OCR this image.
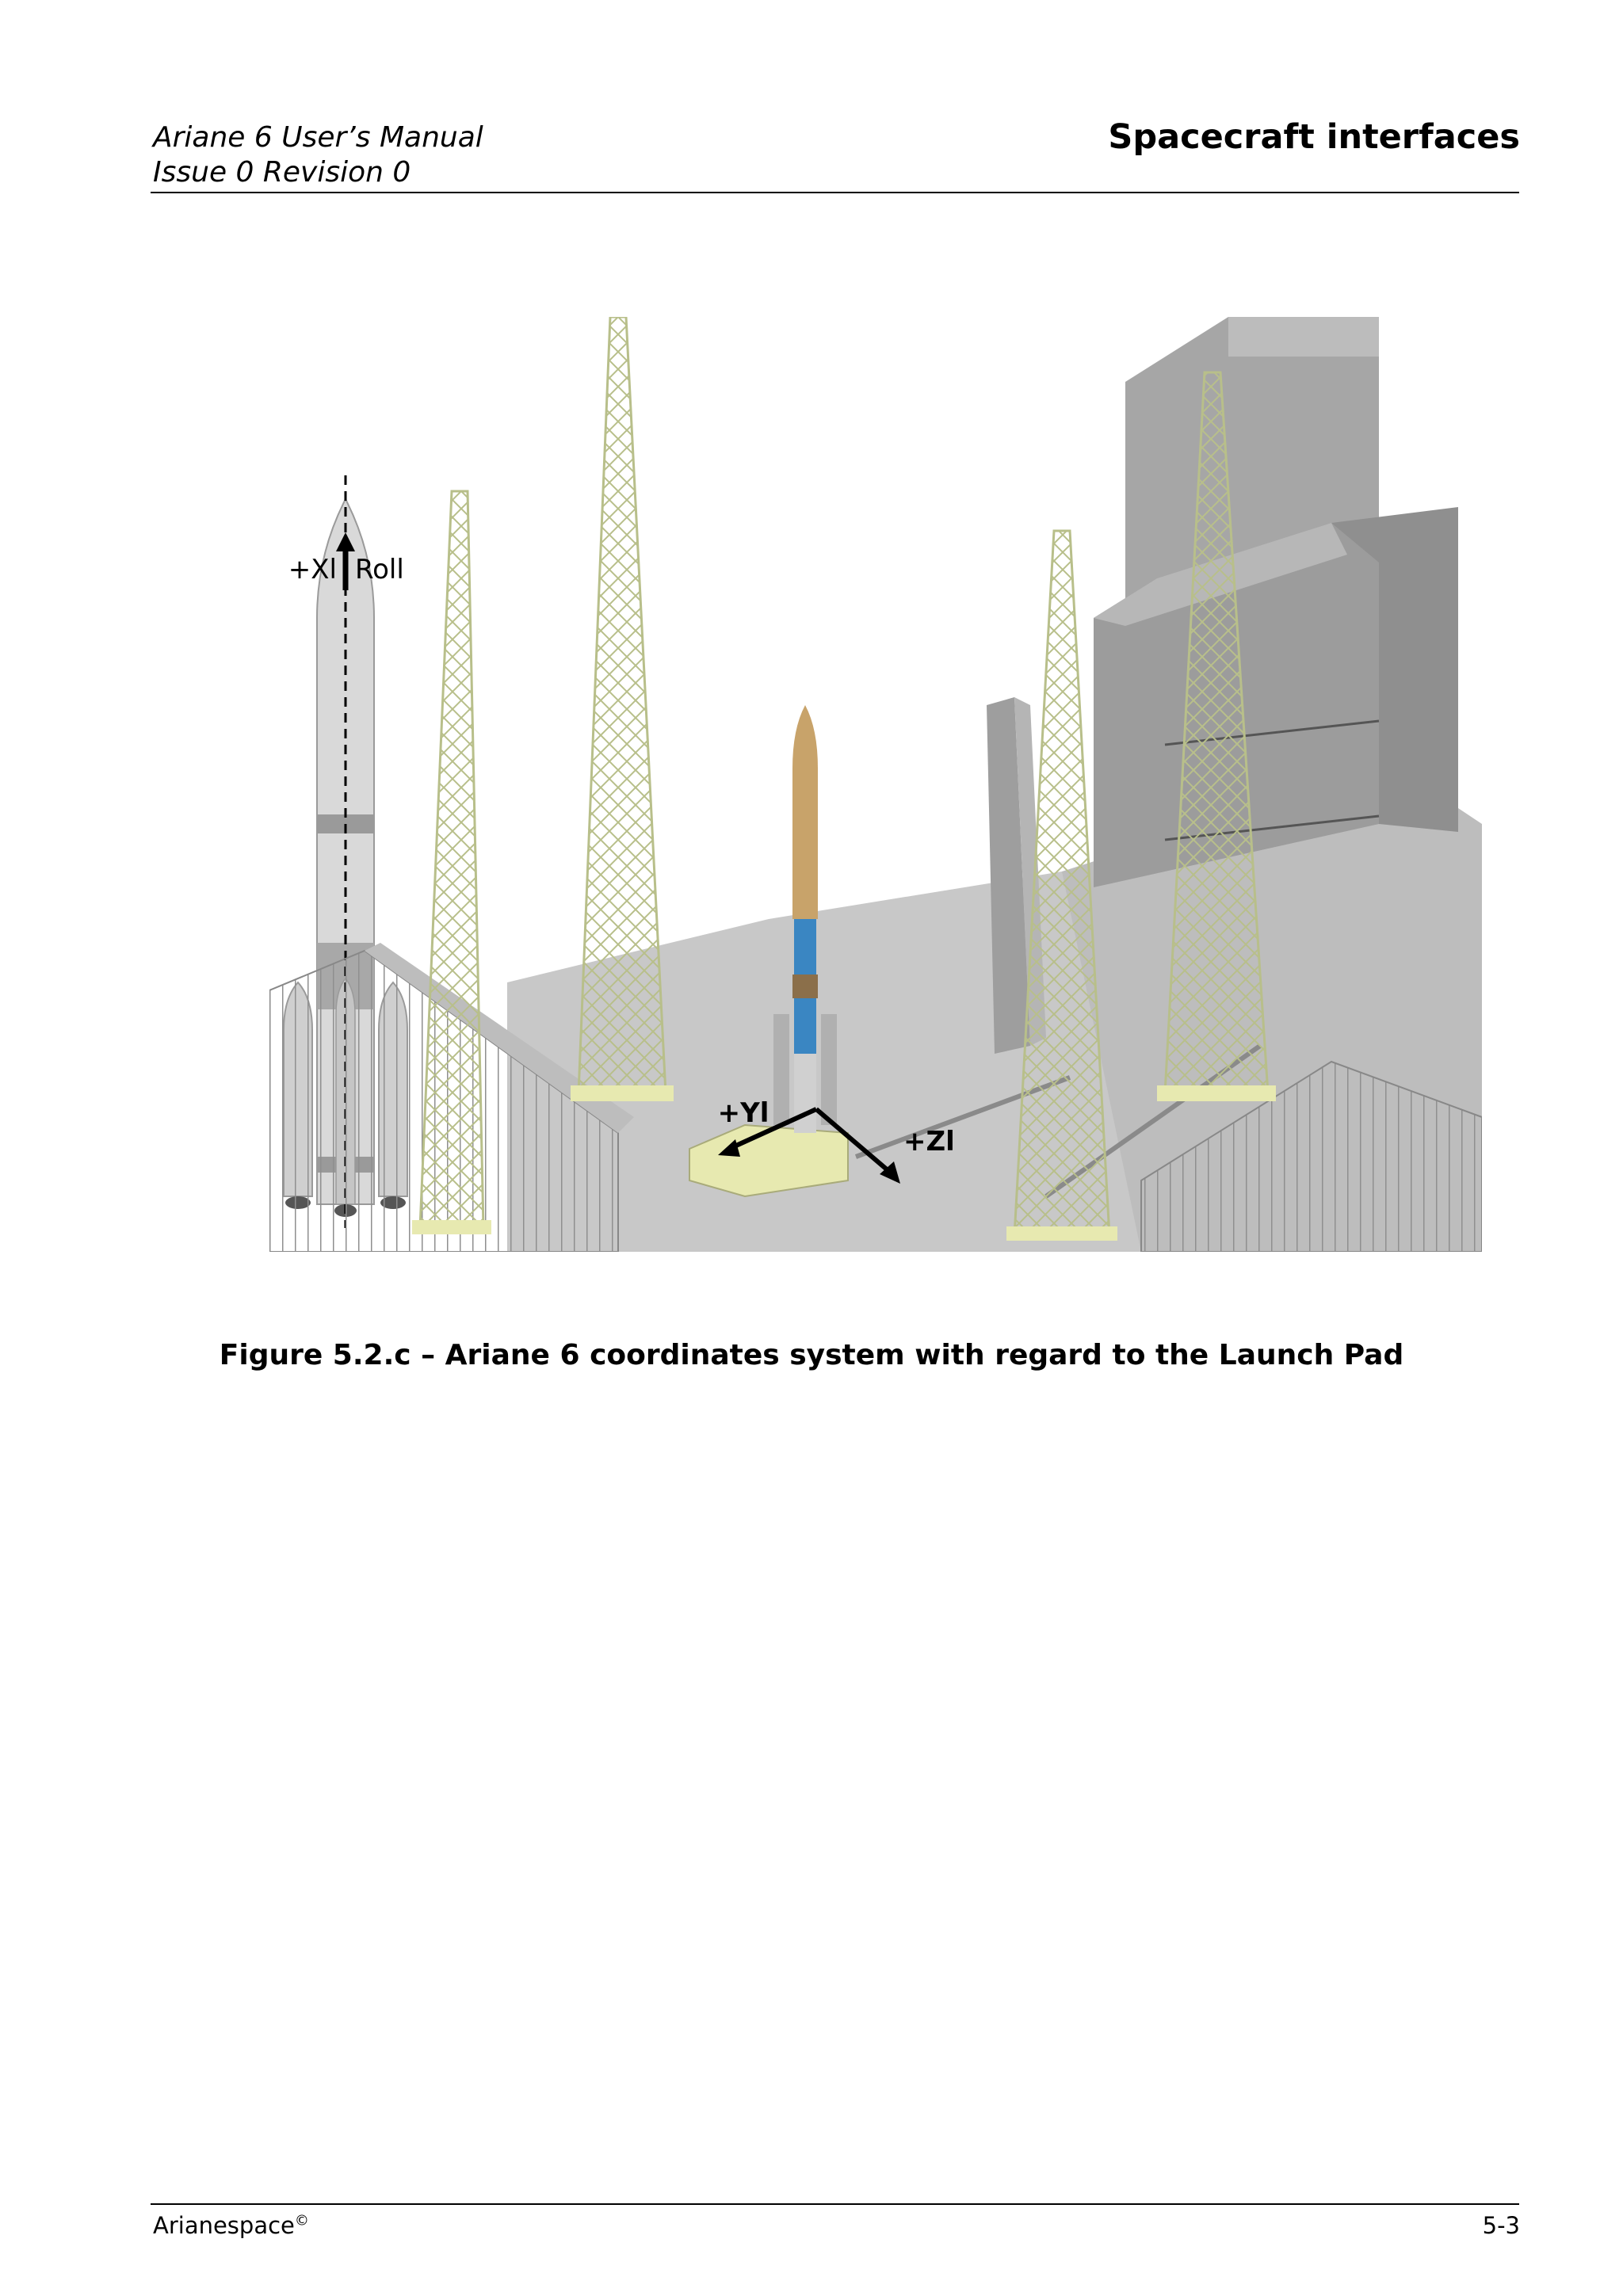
Ariane 6 User’s Manual
Issue 0 Revision 0
Spacecraft interfaces
+Xl Roll
+Yl
+Zl
Figure 5.2.c – Ariane 6 coordinates system with regard to the Launch Pad
Arianespace©	5-3
